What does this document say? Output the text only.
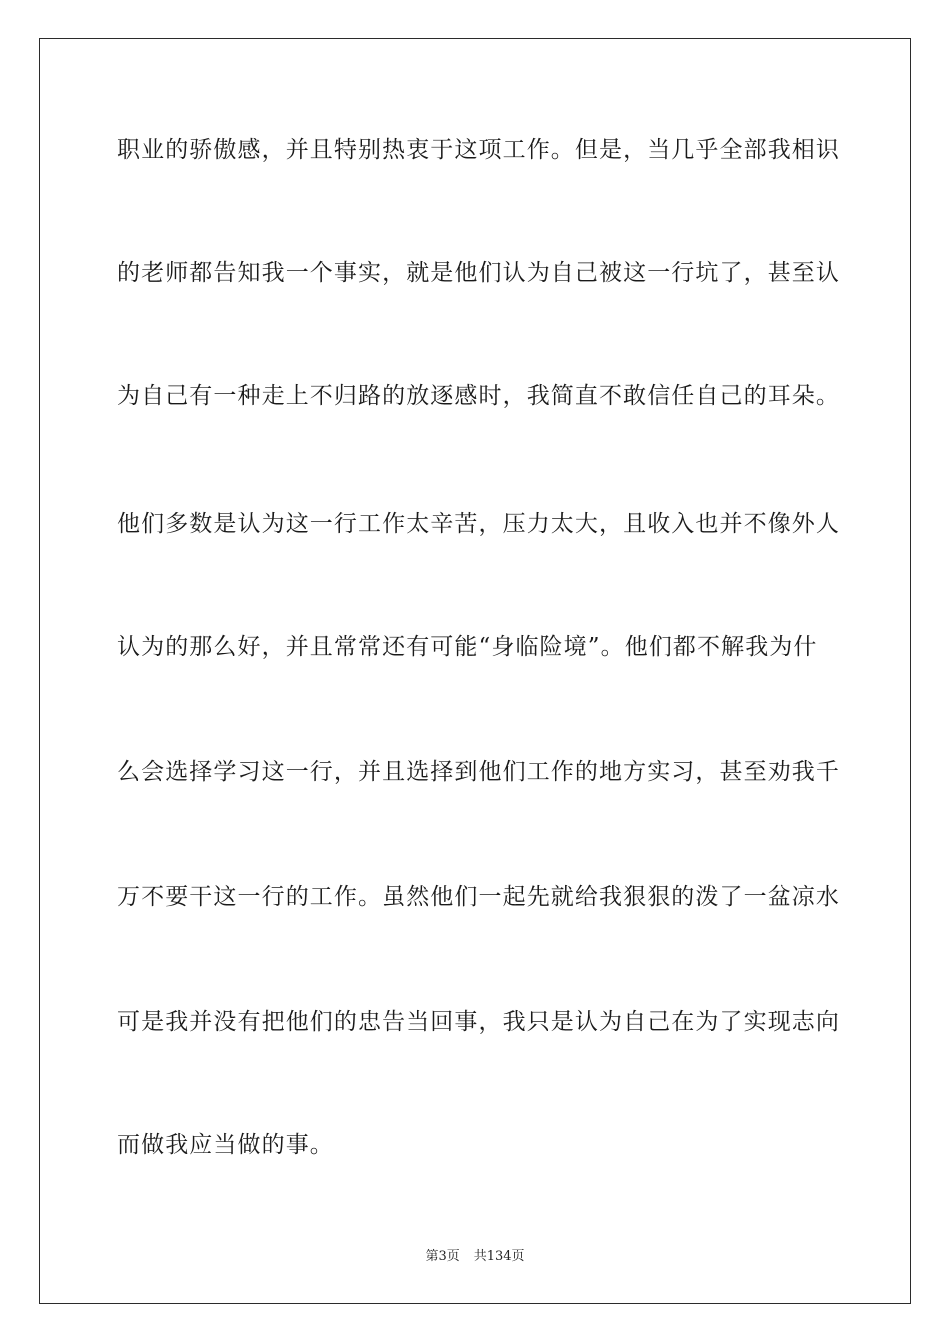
职业的骄傲感，并且特别热衷于这项工作。但是，当几乎全部我相识
的老师都告知我一个事实，就是他们认为自己被这一行坑了，甚至认
为自己有一种走上不归路的放逐感时，我简直不敢信任自己的耳朵。
他们多数是认为这一行工作太辛苦，压力太大，且收入也并不像外人
认为的那么好，并且常常还有可能“身临险境”。他们都不解我为什
么会选择学习这一行，并且选择到他们工作的地方实习，甚至劝我千
万不要干这一行的工作。虽然他们一起先就给我狠狠的泼了一盆凉水
可是我并没有把他们的忠告当回事，我只是认为自己在为了实现志向
而做我应当做的事。
第3页 共134页
